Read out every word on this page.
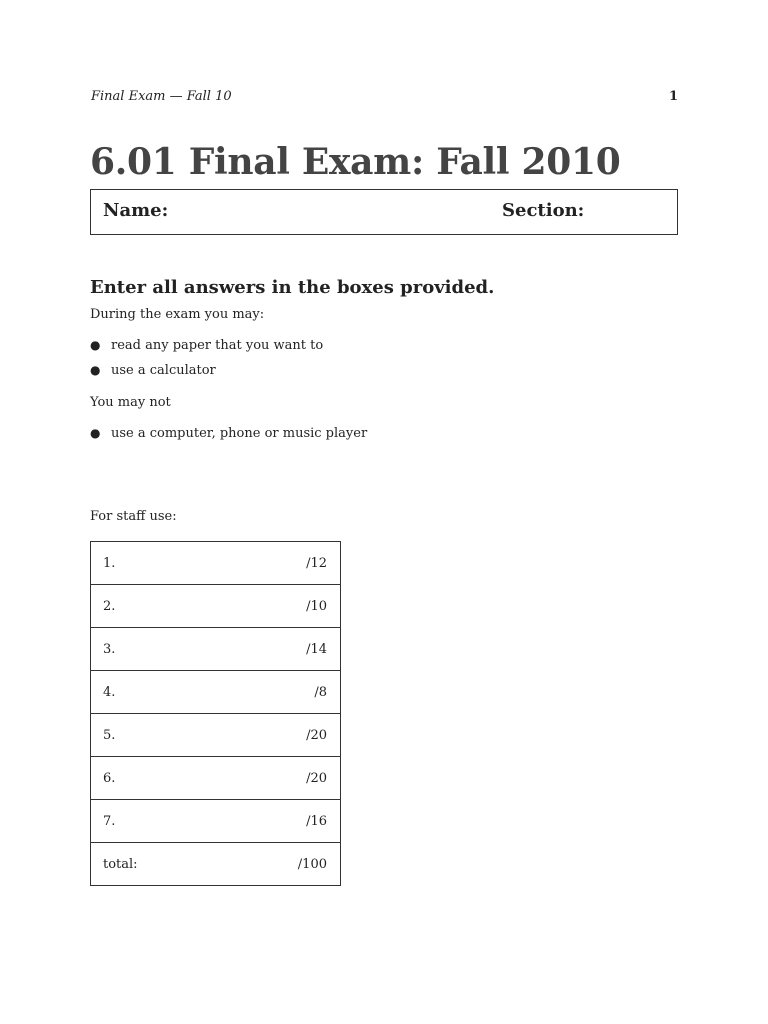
Final Exam — Fall 10	1
6.01 Final Exam: Fall 2010
Name:	Section:
Enter all answers in the boxes provided.
During the exam you may:
● read any paper that you want to
● use a calculator
You may not
● use a computer, phone or music player
For staff use:
1.	/12
2.	/10
3.	/14
4.	/8
5.	/20
6.	/20
7.	/16
total:	/100
